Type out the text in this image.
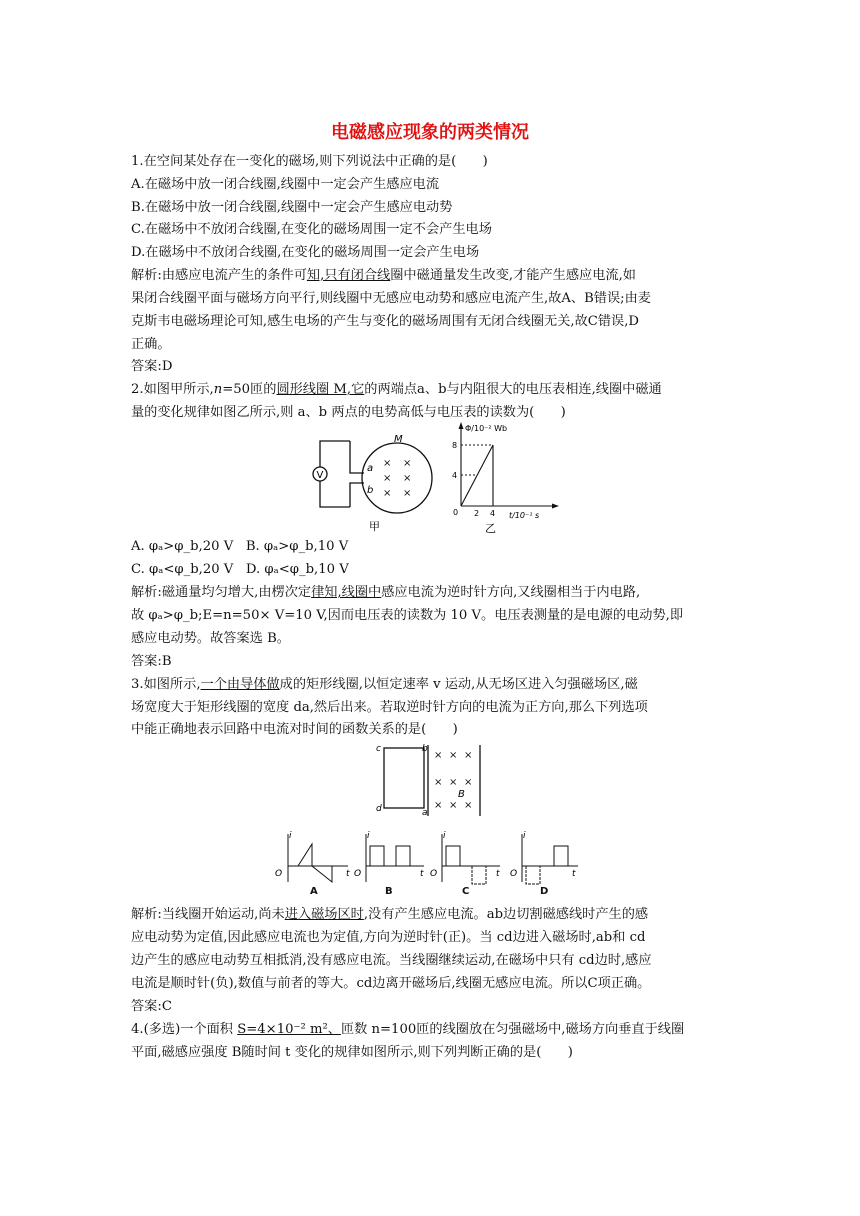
电磁感应现象的两类情况
1.在空间某处存在一变化的磁场,则下列说法中正确的是(　　)
A.在磁场中放一闭合线圈,线圈中一定会产生感应电流
B.在磁场中放一闭合线圈,线圈中一定会产生感应电动势
C.在磁场中不放闭合线圈,在变化的磁场周围一定不会产生电场
D.在磁场中不放闭合线圈,在变化的磁场周围一定会产生电场
解析:由感应电流产生的条件可知,只有闭合线圈中磁通量发生改变,才能产生感应电流,如
果闭合线圈平面与磁场方向平行,则线圈中无感应电动势和感应电流产生,故A、B错误;由麦
克斯韦电磁场理论可知,感生电场的产生与变化的磁场周围有无闭合线圈无关,故C错误,D
正确。
答案:D
2.如图甲所示,n=50匝的圆形线圈 M,它的两端点a、b与内阻很大的电压表相连,线圈中磁通
量的变化规律如图乙所示,则 a、b 两点的电势高低与电压表的读数为(　　)
V
M
a
b
× ×
× ×
× ×
甲
Φ/10⁻² Wb
8
4
0 2 4 t/10⁻¹ s
乙
A. φₐ>φ_b,20 V B. φₐ>φ_b,10 V
C. φₐ<φ_b,20 V D. φₐ<φ_b,10 V
解析:磁通量均匀增大,由楞次定律知,线圈中感应电流为逆时针方向,又线圈相当于内电路,
故 φₐ>φ_b;E=n=50× V=10 V,因而电压表的读数为 10 V。电压表测量的是电源的电动势,即
感应电动势。故答案选 B。
答案:B
3.如图所示,一个由导体做成的矩形线圈,以恒定速率 v 运动,从无场区进入匀强磁场区,磁
场宽度大于矩形线圈的宽度 da,然后出来。若取逆时针方向的电流为正方向,那么下列选项
中能正确地表示回路中电流对时间的函数关系的是(　　)
c	b
d	a
× × ×
× × ×
× × ×
B
i
O	t
i
O	t
i
O	t
i
O	t
A	B	C	D
解析:当线圈开始运动,尚未进入磁场区时,没有产生感应电流。ab边切割磁感线时产生的感
应电动势为定值,因此感应电流也为定值,方向为逆时针(正)。当 cd边进入磁场时,ab和 cd
边产生的感应电动势互相抵消,没有感应电流。当线圈继续运动,在磁场中只有 cd边时,感应
电流是顺时针(负),数值与前者的等大。cd边离开磁场后,线圈无感应电流。所以C项正确。
答案:C
4.(多选)一个面积 S=4×10⁻² m²、匝数 n=100匝的线圈放在匀强磁场中,磁场方向垂直于线圈
平面,磁感应强度 B随时间 t 变化的规律如图所示,则下列判断正确的是(　　)
